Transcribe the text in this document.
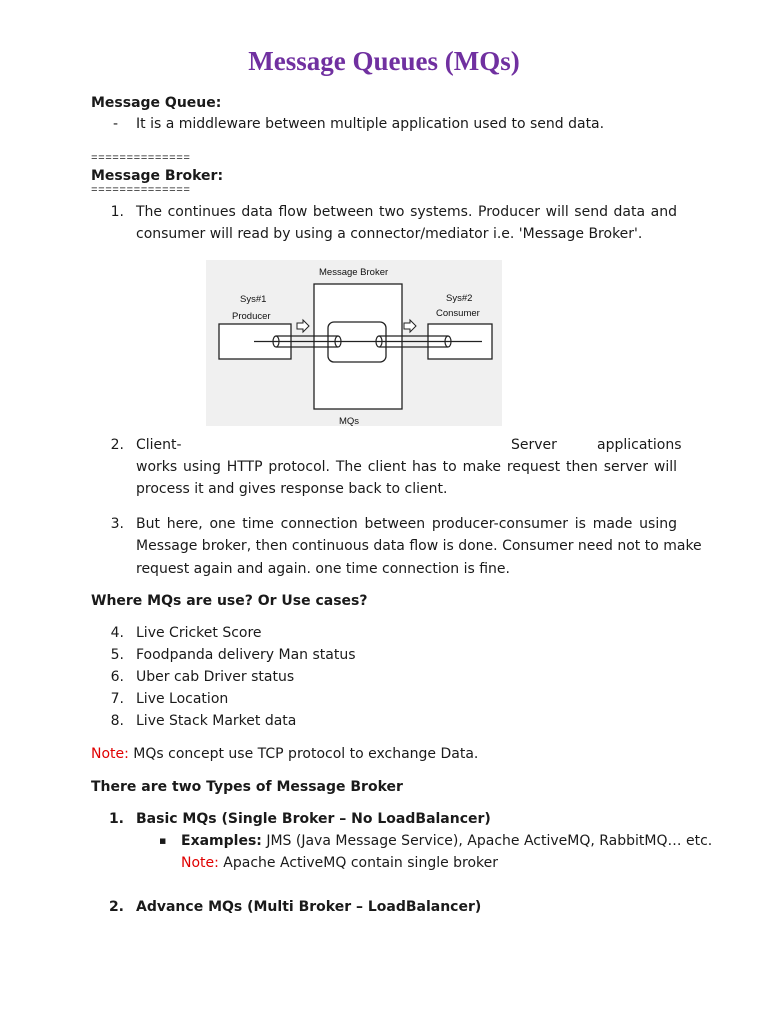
Message Queues (MQs)
Message Queue:
- It is a middleware between multiple application used to send data.
==============
Message Broker:
==============
1. The continues data flow between two systems. Producer will send data and
consumer will read by using a connector/mediator i.e. 'Message Broker'.
Message Broker
Sys#1
Producer
Sys#2
Consumer
MQs
2. Client-	Server	applications
works using HTTP protocol. The client has to make request then server will
process it and gives response back to client.
3. But here, one time connection between producer-consumer is made using
Message broker, then continuous data flow is done. Consumer need not to make
request again and again. one time connection is fine.
Where MQs are use? Or Use cases?
4. Live Cricket Score
5. Foodpanda delivery Man status
6. Uber cab Driver status
7. Live Location
8. Live Stack Market data
Note: MQs concept use TCP protocol to exchange Data.
There are two Types of Message Broker
1. Basic MQs (Single Broker – No LoadBalancer)
▪ Examples: JMS (Java Message Service), Apache ActiveMQ, RabbitMQ… etc.
Note: Apache ActiveMQ contain single broker
2. Advance MQs (Multi Broker – LoadBalancer)
